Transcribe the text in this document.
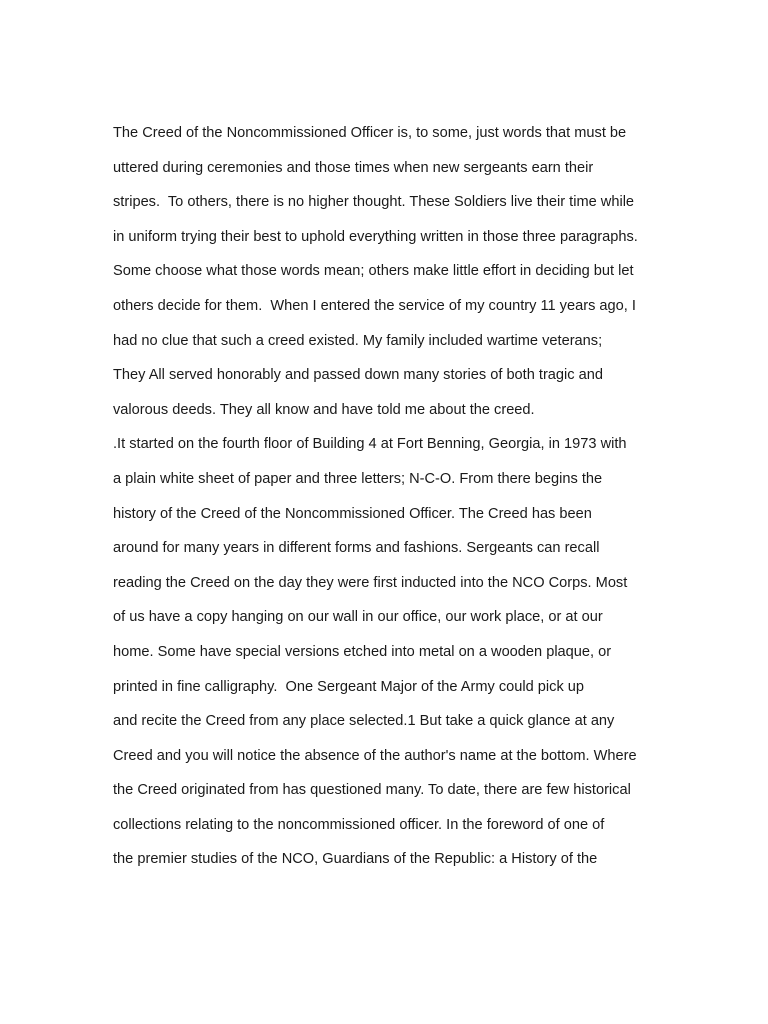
The Creed of the Noncommissioned Officer is, to some, just words that must be

uttered during ceremonies and those times when new sergeants earn their

stripes.  To others, there is no higher thought. These Soldiers live their time while

in uniform trying their best to uphold everything written in those three paragraphs.

Some choose what those words mean; others make little effort in deciding but let

others decide for them.  When I entered the service of my country 11 years ago, I

had no clue that such a creed existed. My family included wartime veterans;

They All served honorably and passed down many stories of both tragic and

valorous deeds. They all know and have told me about the creed.

.It started on the fourth floor of Building 4 at Fort Benning, Georgia, in 1973 with

a plain white sheet of paper and three letters; N-C-O. From there begins the

history of the Creed of the Noncommissioned Officer. The Creed has been

around for many years in different forms and fashions. Sergeants can recall

reading the Creed on the day they were first inducted into the NCO Corps. Most

of us have a copy hanging on our wall in our office, our work place, or at our

home. Some have special versions etched into metal on a wooden plaque, or

printed in fine calligraphy.  One Sergeant Major of the Army could pick up

and recite the Creed from any place selected.1 But take a quick glance at any

Creed and you will notice the absence of the author's name at the bottom. Where

the Creed originated from has questioned many. To date, there are few historical

collections relating to the noncommissioned officer. In the foreword of one of

the premier studies of the NCO, Guardians of the Republic: a History of the
